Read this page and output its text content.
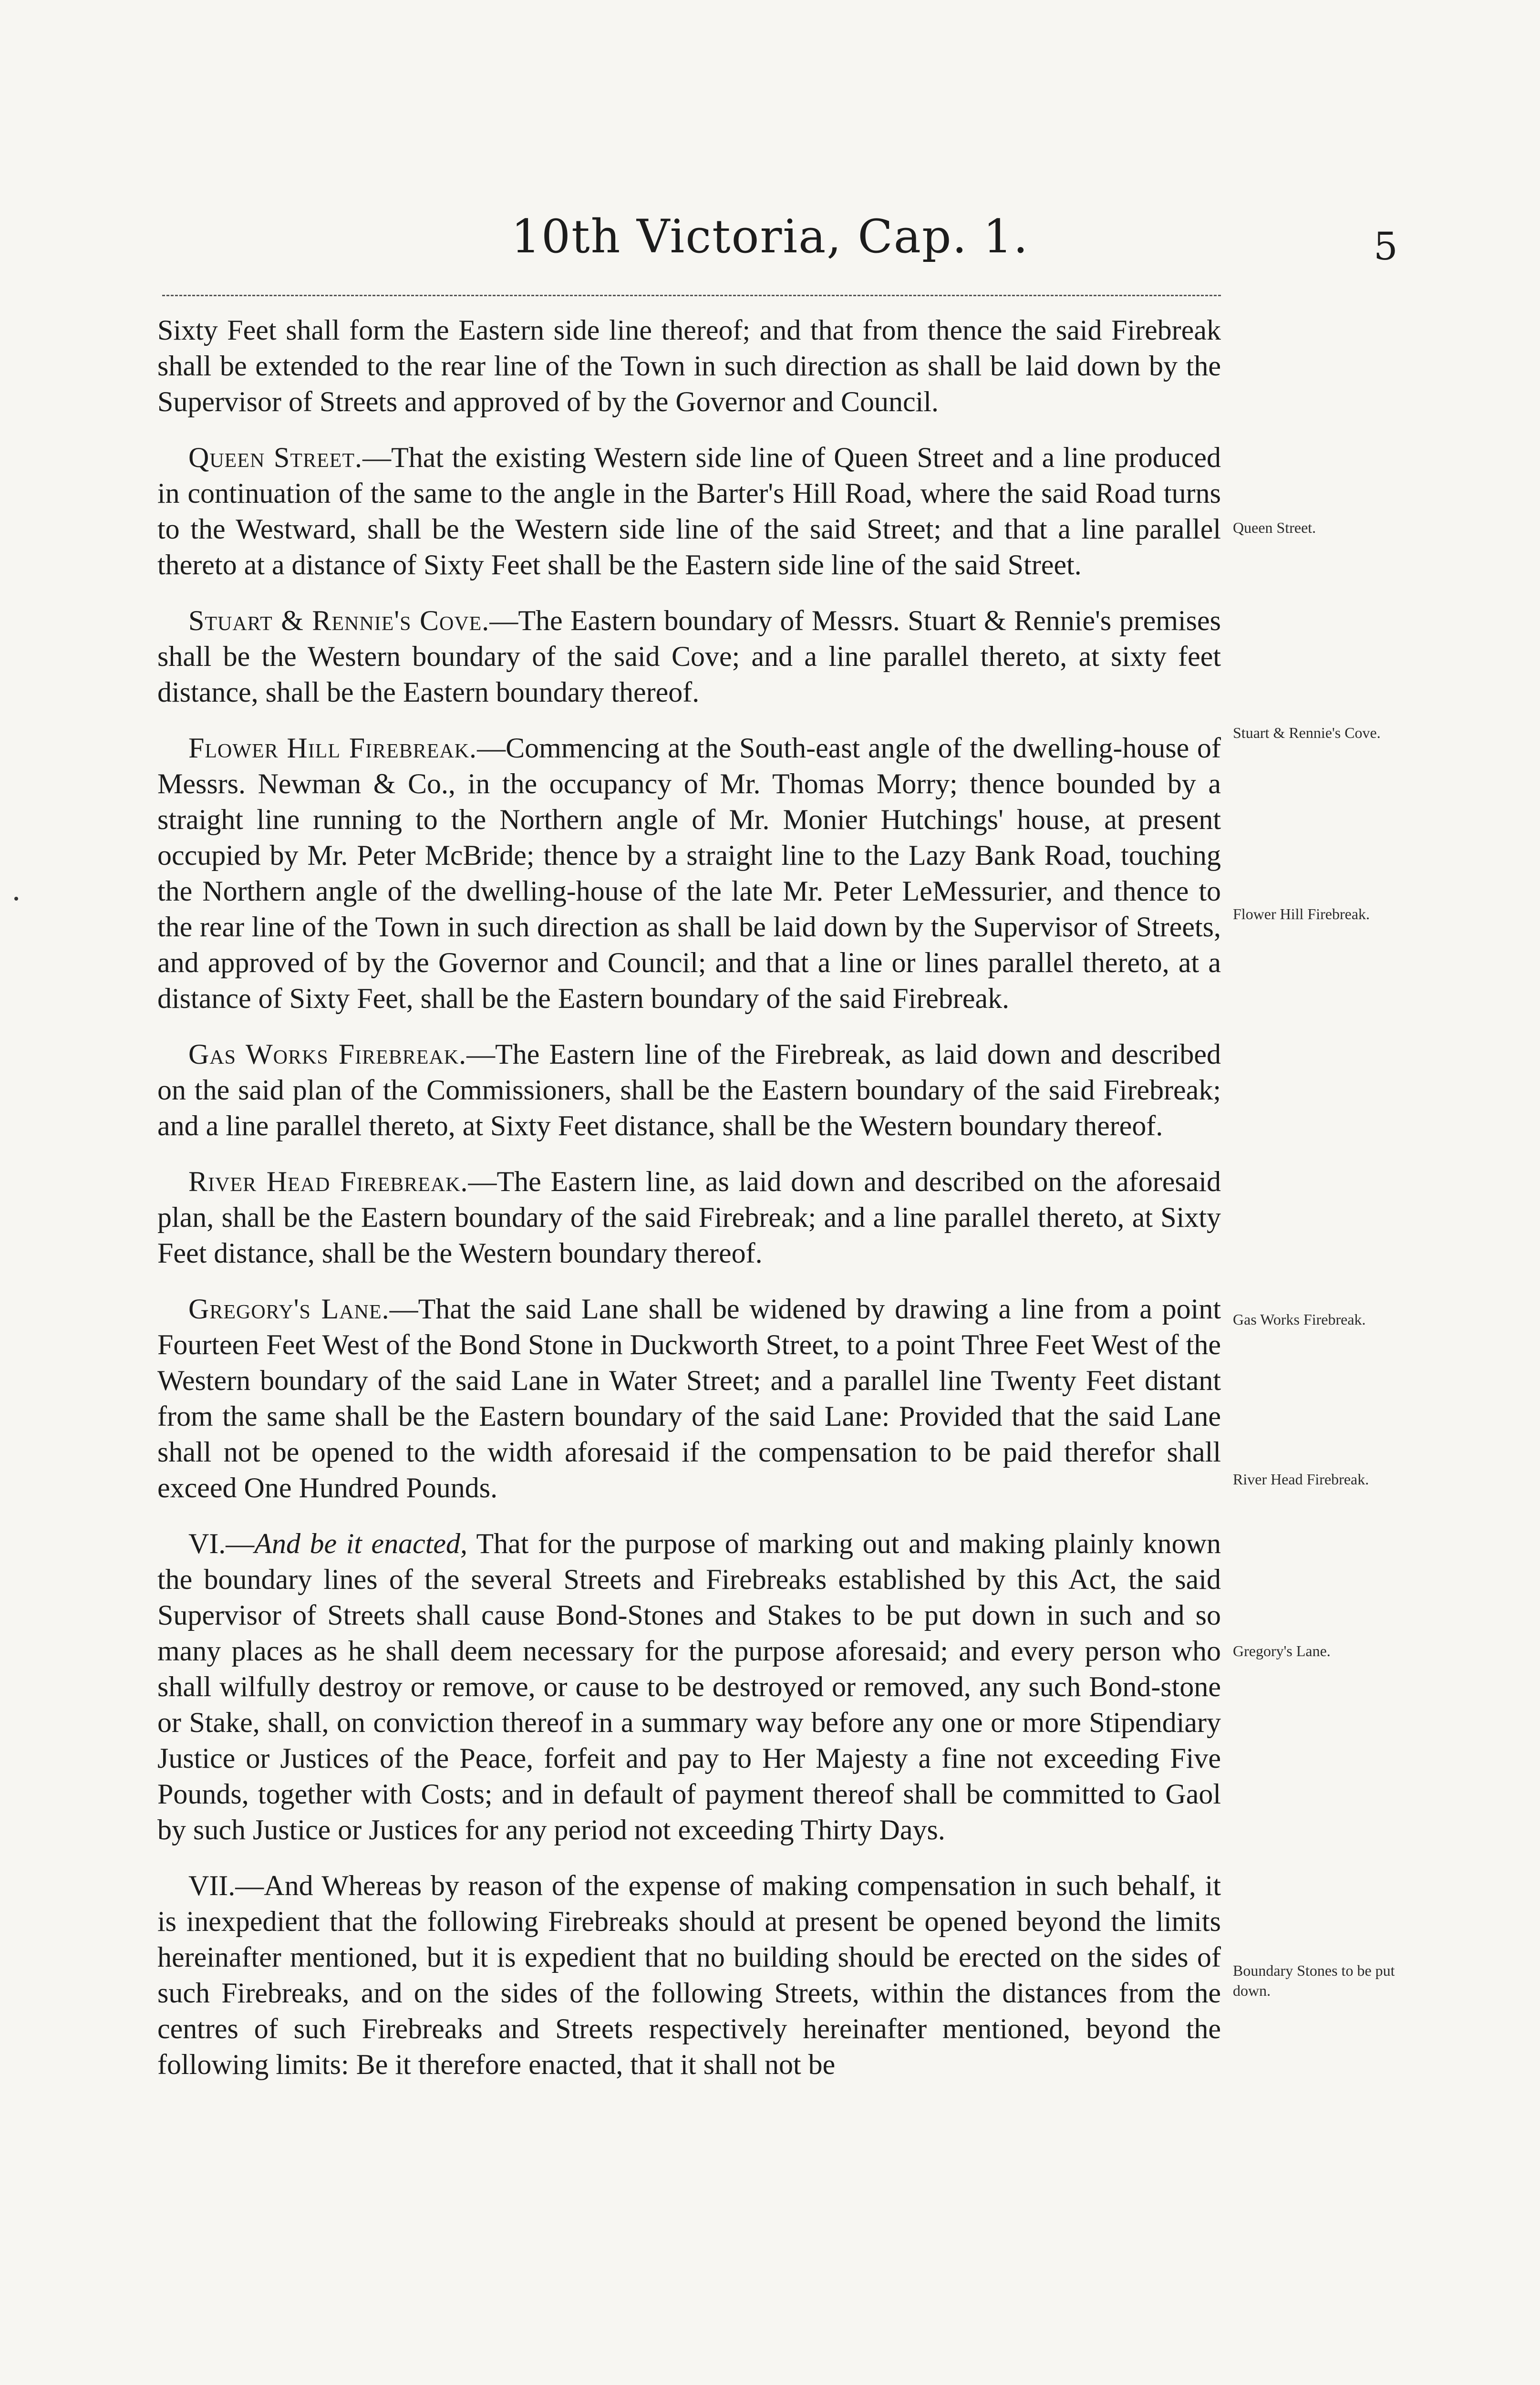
10th Victoria, Cap. 1.	5

Sixty Feet shall form the Eastern side line thereof; and that from thence the said Firebreak shall be extended to the rear line of the Town in such direction as shall be laid down by the Supervisor of Streets and approved of by the Governor and Council.

Queen Street.—That the existing Western side line of Queen Street and a line produced in continuation of the same to the angle in the Barter's Hill Road, where the said Road turns to the Westward, shall be the Western side line of the said Street; and that a line parallel thereto at a distance of Sixty Feet shall be the Eastern side line of the said Street.

Stuart & Rennie's Cove.—The Eastern boundary of Messrs. Stuart & Rennie's premises shall be the Western boundary of the said Cove; and a line parallel thereto, at sixty feet distance, shall be the Eastern boundary thereof.

Flower Hill Firebreak.—Commencing at the South-east angle of the dwelling-house of Messrs. Newman & Co., in the occupancy of Mr. Thomas Morry; thence bounded by a straight line running to the Northern angle of Mr. Monier Hutchings' house, at present occupied by Mr. Peter McBride; thence by a straight line to the Lazy Bank Road, touching the Northern angle of the dwelling-house of the late Mr. Peter LeMessurier, and thence to the rear line of the Town in such direction as shall be laid down by the Supervisor of Streets, and approved of by the Governor and Council; and that a line or lines parallel thereto, at a distance of Sixty Feet, shall be the Eastern boundary of the said Firebreak.

Gas Works Firebreak.—The Eastern line of the Firebreak, as laid down and described on the said plan of the Commissioners, shall be the Eastern boundary of the said Firebreak; and a line parallel thereto, at Sixty Feet distance, shall be the Western boundary thereof.

River Head Firebreak.—The Eastern line, as laid down and described on the aforesaid plan, shall be the Eastern boundary of the said Firebreak; and a line parallel thereto, at Sixty Feet distance, shall be the Western boundary thereof.

Gregory's Lane.—That the said Lane shall be widened by drawing a line from a point Fourteen Feet West of the Bond Stone in Duckworth Street, to a point Three Feet West of the Western boundary of the said Lane in Water Street; and a parallel line Twenty Feet distant from the same shall be the Eastern boundary of the said Lane: Provided that the said Lane shall not be opened to the width aforesaid if the compensation to be paid therefor shall exceed One Hundred Pounds.

VI.—And be it enacted, That for the purpose of marking out and making plainly known the boundary lines of the several Streets and Firebreaks established by this Act, the said Supervisor of Streets shall cause Bond-Stones and Stakes to be put down in such and so many places as he shall deem necessary for the purpose aforesaid; and every person who shall wilfully destroy or remove, or cause to be destroyed or removed, any such Bond-stone or Stake, shall, on conviction thereof in a summary way before any one or more Stipendiary Justice or Justices of the Peace, forfeit and pay to Her Majesty a fine not exceeding Five Pounds, together with Costs; and in default of payment thereof shall be committed to Gaol by such Justice or Justices for any period not exceeding Thirty Days.

VII.—And Whereas by reason of the expense of making compensation in such behalf, it is inexpedient that the following Firebreaks should at present be opened beyond the limits hereinafter mentioned, but it is expedient that no building should be erected on the sides of such Firebreaks, and on the sides of the following Streets, within the distances from the centres of such Firebreaks and Streets respectively hereinafter mentioned, beyond the following limits: Be it therefore enacted, that it shall not be

Queen Street.
Stuart & Rennie's Cove.
Flower Hill Firebreak.
Gas Works Firebreak.
River Head Firebreak.
Gregory's Lane.
Boundary Stones to be put down.
